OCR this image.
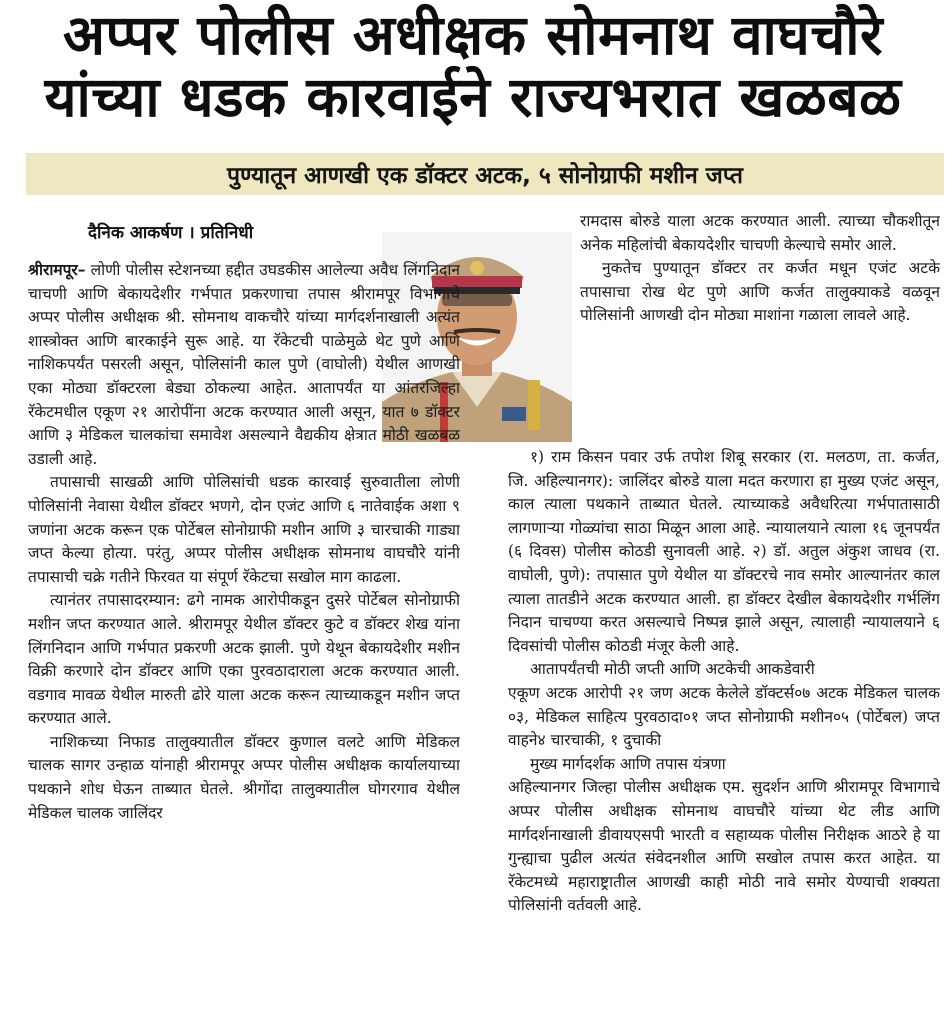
अप्पर पोलीस अधीक्षक सोमनाथ वाघचौरे
यांच्या धडक कारवाईने राज्यभरात खळबळ
पुण्यातून आणखी एक डॉक्टर अटक, ५ सोनोग्राफी मशीन जप्त
दैनिक आकर्षण । प्रतिनिधी

श्रीरामपूर– लोणी पोलीस स्टेशनच्या हद्दीत उघडकीस आलेल्या अवैध लिंगनिदान चाचणी आणि बेकायदेशीर गर्भपात प्रकरणाचा तपास श्रीरामपूर विभागाचे अप्पर पोलीस अधीक्षक श्री. सोमनाथ वाकचौरे यांच्या मार्गदर्शनाखाली अत्यंत शास्त्रोक्त आणि बारकाईने सुरू आहे. या रॅकेटची पाळेमुळे थेट पुणे आणि नाशिकपर्यंत पसरली असून, पोलिसांनी काल पुणे (वाघोली) येथील आणखी एका मोठ्या डॉक्टरला बेड्या ठोकल्या आहेत. आतापर्यंत या आंतरजिल्हा रॅकेटमधील एकूण २१ आरोपींना अटक करण्यात आली असून, यात ७ डॉक्टर आणि ३ मेडिकल चालकांचा समावेश असल्याने वैद्यकीय क्षेत्रात मोठी खळबळ उडाली आहे.

तपासाची साखळी आणि पोलिसांची धडक कारवाई सुरुवातीला लोणी पोलिसांनी नेवासा येथील डॉक्टर भणगे, दोन एजंट आणि ६ नातेवाईक अशा ९ जणांना अटक करून एक पोर्टेबल सोनोग्राफी मशीन आणि ३ चारचाकी गाड्या जप्त केल्या होत्या. परंतु, अप्पर पोलीस अधीक्षक सोमनाथ वाघचौरे यांनी तपासाची चक्रे गतीने फिरवत या संपूर्ण रॅकेटचा सखोल माग काढला.

त्यानंतर तपासादरम्यान: ढगे नामक आरोपीकडून दुसरे पोर्टेबल सोनोग्राफी मशीन जप्त करण्यात आले. श्रीरामपूर येथील डॉक्टर कुटे व डॉक्टर शेख यांना लिंगनिदान आणि गर्भपात प्रकरणी अटक झाली. पुणे येथून बेकायदेशीर मशीन विक्री करणारे दोन डॉक्टर आणि एका पुरवठादाराला अटक करण्यात आली. वडगाव मावळ येथील मारुती ढोरे याला अटक करून त्याच्याकडून मशीन जप्त करण्यात आले.

नाशिकच्या निफाड तालुक्यातील डॉक्टर कुणाल वलटे आणि मेडिकल चालक सागर उन्हाळ यांनाही श्रीरामपूर अप्पर पोलीस अधीक्षक कार्यालयाच्या पथकाने शोध घेऊन ताब्यात घेतले. श्रीगोंदा तालुक्यातील घोगरगाव येथील मेडिकल चालक जालिंदर

रामदास बोरुडे याला अटक करण्यात आली. त्याच्या चौकशीतून अनेक महिलांची बेकायदेशीर चाचणी केल्याचे समोर आले.

नुकतेच पुण्यातून डॉक्टर तर कर्जत मधून एजंट अटके तपासाचा रोख थेट पुणे आणि कर्जत तालुक्याकडे वळवून पोलिसांनी आणखी दोन मोठ्या माशांना गळाला लावले आहे.

१) राम किसन पवार उर्फ तपोश शिबू सरकार (रा. मलठण, ता. कर्जत, जि. अहिल्यानगर): जालिंदर बोरुडे याला मदत करणारा हा मुख्य एजंट असून, काल त्याला पथकाने ताब्यात घेतले. त्याच्याकडे अवैधरित्या गर्भपातासाठी लागणाऱ्या गोळ्यांचा साठा मिळून आला आहे. न्यायालयाने त्याला १६ जूनपर्यंत (६ दिवस) पोलीस कोठडी सुनावली आहे. २) डॉ. अतुल अंकुश जाधव (रा. वाघोली, पुणे): तपासात पुणे येथील या डॉक्टरचे नाव समोर आल्यानंतर काल त्याला तातडीने अटक करण्यात आली. हा डॉक्टर देखील बेकायदेशीर गर्भलिंग निदान चाचण्या करत असल्याचे निष्पन्न झाले असून, त्यालाही न्यायालयाने ६ दिवसांची पोलीस कोठडी मंजूर केली आहे.

आतापर्यंतची मोठी जप्ती आणि अटकेची आकडेवारी

एकूण अटक आरोपी २१ जण अटक केलेले डॉक्टर्स०७ अटक मेडिकल चालक ०३, मेडिकल साहित्य पुरवठादा०१ जप्त सोनोग्राफी मशीन०५ (पोर्टेबल) जप्त वाहने४ चारचाकी, १ दुचाकी

मुख्य मार्गदर्शक आणि तपास यंत्रणा

अहिल्यानगर जिल्हा पोलीस अधीक्षक एम. सुदर्शन आणि श्रीरामपूर विभागाचे अप्पर पोलीस अधीक्षक सोमनाथ वाघचौरे यांच्या थेट लीड आणि मार्गदर्शनाखाली डीवायएसपी भारती व सहाय्यक पोलीस निरीक्षक आठरे हे या गुन्ह्याचा पुढील अत्यंत संवेदनशील आणि सखोल तपास करत आहेत. या रॅकेटमध्ये महाराष्ट्रातील आणखी काही मोठी नावे समोर येण्याची शक्यता पोलिसांनी वर्तवली आहे.
